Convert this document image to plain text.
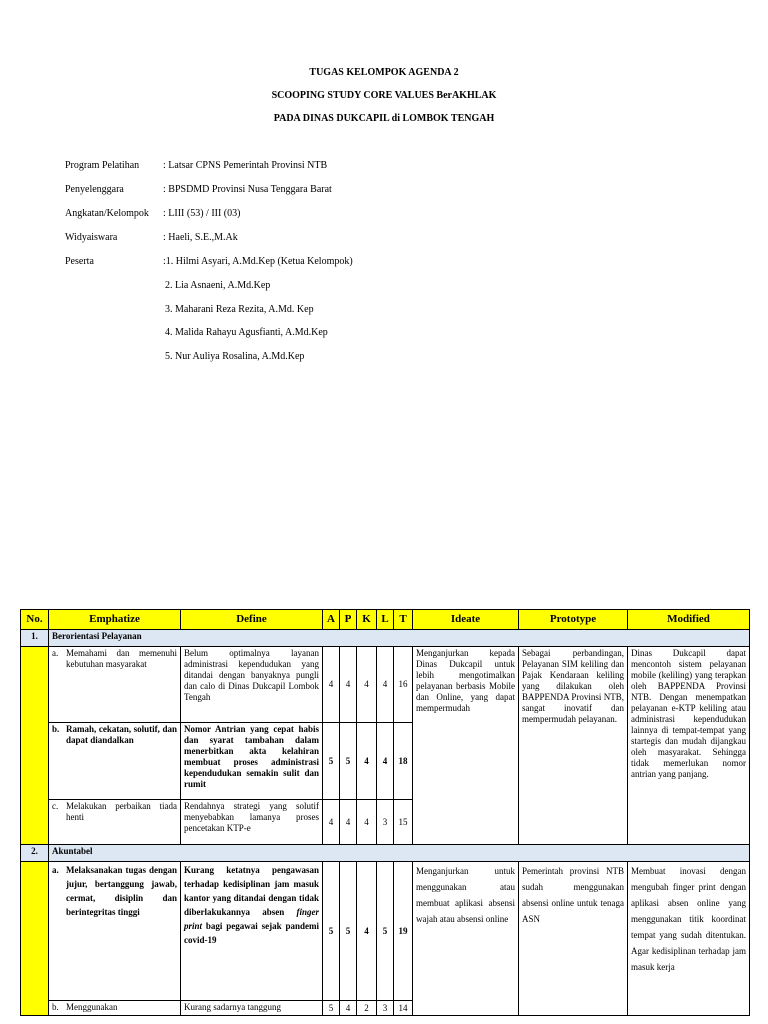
TUGAS KELOMPOK AGENDA 2
SCOOPING STUDY CORE VALUES BerAKHLAK
PADA DINAS DUKCAPIL di LOMBOK TENGAH
Program Pelatihan	: Latsar CPNS Pemerintah Provinsi NTB
Penyelenggara	: BPSDMD Provinsi Nusa Tenggara Barat
Angkatan/Kelompok	: LIII (53) / III (03)
Widyaiswara	: Haeli, S.E.,M.Ak
Peserta	:1. Hilmi Asyari, A.Md.Kep (Ketua Kelompok)
2. Lia Asnaeni, A.Md.Kep
3. Maharani Reza Rezita, A.Md. Kep
4. Malida Rahayu Agusfianti, A.Md.Kep
5. Nur Auliya Rosalina, A.Md.Kep
No.	Emphatize	Define	A	P	K	L	T	Ideate	Prototype	Modified
1.	Berorientasi Pelayanan									

	a. Memahami dan memenuhi kebutuhan masyarakat	Belum optimalnya layanan administrasi kependudukan yang ditandai dengan banyaknya pungli dan calo di Dinas Dukcapil Lombok Tengah	4	4	4	4	16	Menganjurkan kepada Dinas Dukcapil untuk lebih mengotimalkan pelayanan berbasis Mobile dan Online, yang dapat mempermudah	Sebagai perbandingan, Pelayanan SIM keliling dan Pajak Kendaraan keliling yang dilakukan oleh BAPPENDA Provinsi NTB, sangat inovatif dan mempermudah pelayanan.	Dinas Dukcapil dapat mencontoh sistem pelayanan mobile (keliling) yang terapkan oleh BAPPENDA Provinsi NTB. Dengan menempatkan pelayanan e-KTP keliling atau administrasi kependudukan lainnya di tempat-tempat yang startegis dan mudah dijangkau oleh masyarakat. Sehingga tidak memerlukan nomor antrian yang panjang.

	b. Ramah, cekatan, solutif, dan dapat diandalkan	Nomor Antrian yang cepat habis dan syarat tambahan dalam menerbitkan akta kelahiran membuat proses administrasi kependudukan semakin sulit dan rumit	5	5	4	4	18			

	c. Melakukan perbaikan tiada henti	Rendahnya strategi yang solutif menyebabkan lamanya proses pencetakan KTP-e	4	4	4	3	15			
2.	Akuntabel									

	a. Melaksanakan tugas dengan jujur, bertanggung jawab, cermat, disiplin dan berintegritas tinggi	Kurang ketatnya pengawasan terhadap kedisiplinan jam masuk kantor yang ditandai dengan tidak diberlakukannya absen finger print bagi pegawai sejak pandemi covid-19	5	5	4	5	19	Menganjurkan untuk menggunakan atau membuat aplikasi absensi wajah atau absensi online	Pemerintah provinsi NTB sudah menggunakan absensi online untuk tenaga ASN	Membuat inovasi dengan mengubah finger print dengan aplikasi absen online yang menggunakan titik koordinat tempat yang sudah ditentukan. Agar kedisiplinan terhadap jam masuk kerja

	b. Menggunakan	Kurang sadarnya tanggung	5	4	2	3	14			
